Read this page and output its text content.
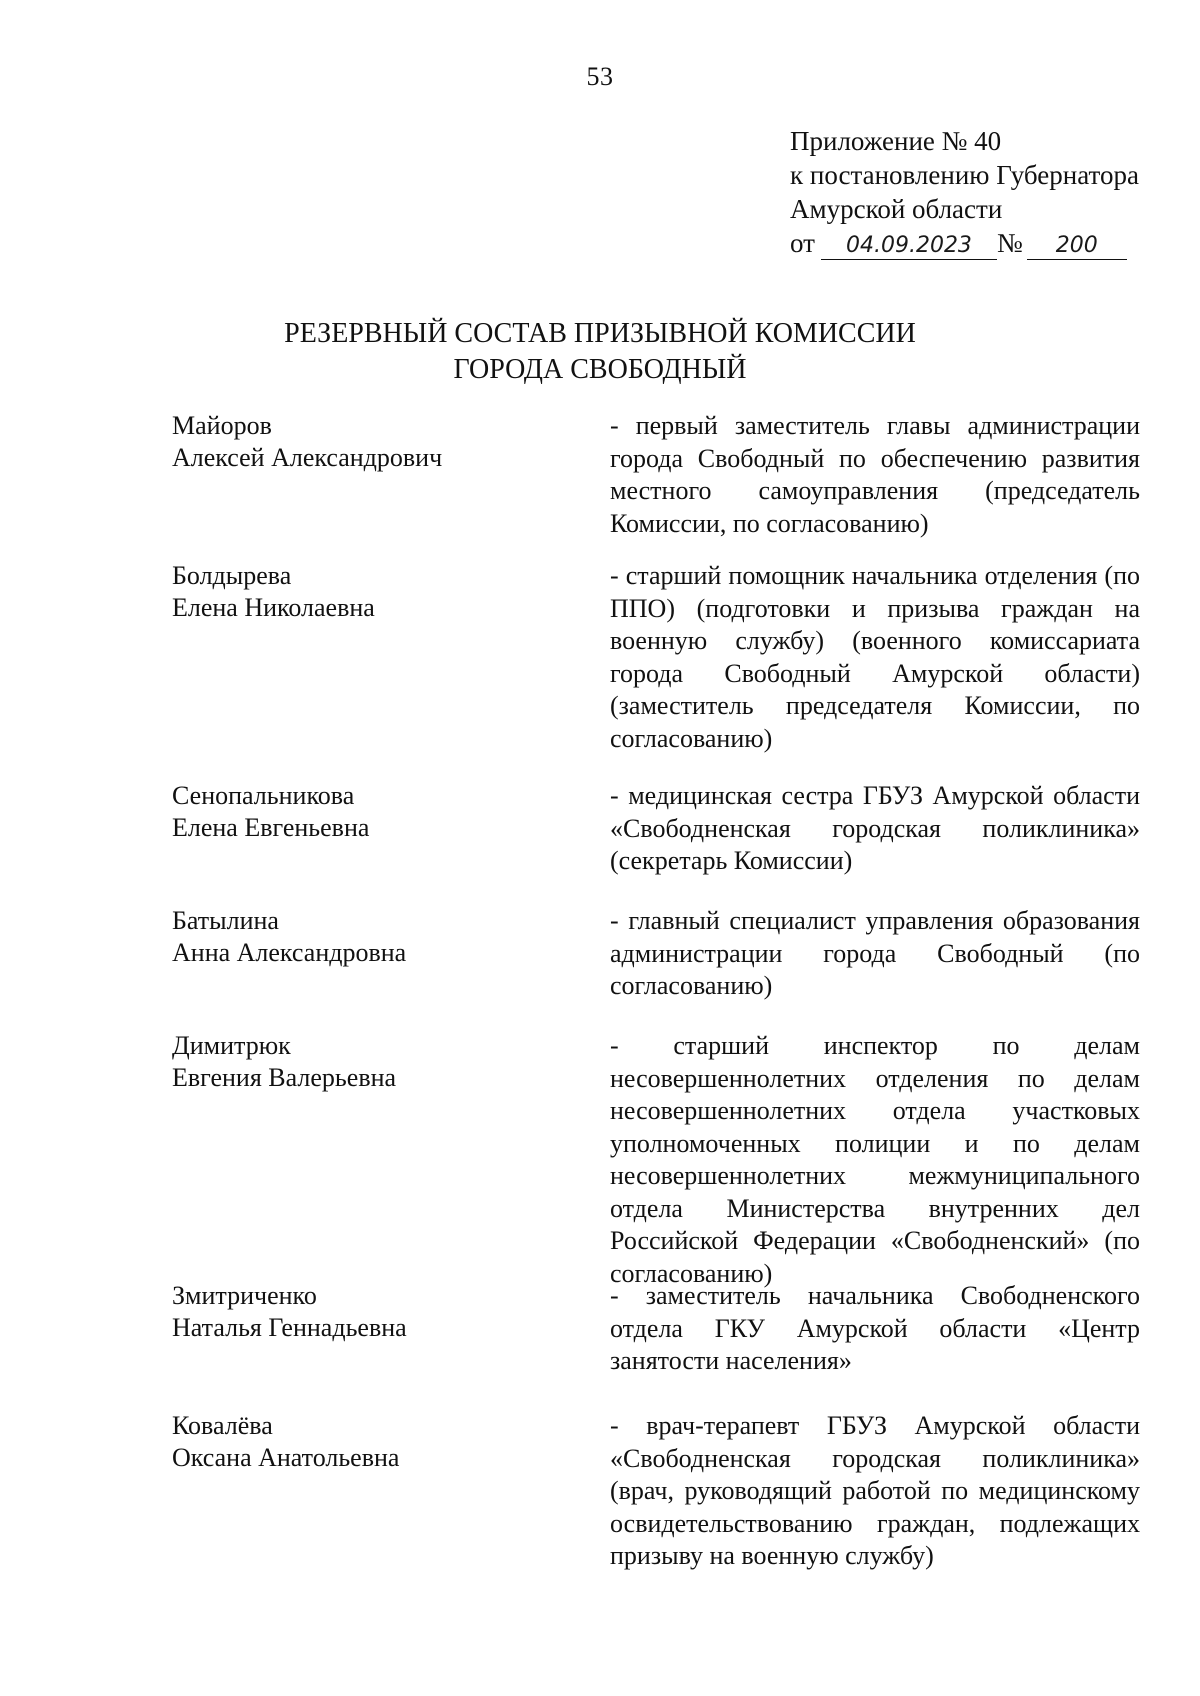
53
Приложение № 40
к постановлению Губернатора
Амурской области
от	04.09.2023 №	200
РЕЗЕРВНЫЙ СОСТАВ ПРИЗЫВНОЙ КОМИССИИ
ГОРОДА СВОБОДНЫЙ
Майоров
Алексей Александрович
- первый заместитель главы администрации города Свободный по обеспечению развития местного самоуправления (председатель Комиссии, по согласованию)
Болдырева
Елена Николаевна
- старший помощник начальника отделения (по ППО) (подготовки и призыва граждан на военную службу) (военного комиссариата города Свободный Амурской области) (заместитель председателя Комиссии, по согласованию)
Сенопальникова
Елена Евгеньевна
- медицинская сестра ГБУЗ Амурской области «Свободненская городская поликлиника» (секретарь Комиссии)
Батылина
Анна Александровна
- главный специалист управления образования администрации города Свободный (по согласованию)
Димитрюк
Евгения Валерьевна
- старший инспектор по делам несовершеннолетних отделения по делам несовершеннолетних отдела участковых уполномоченных полиции и по делам несовершеннолетних межмуниципального отдела Министерства внутренних дел Российской Федерации «Свободненский» (по согласованию)
Змитриченко
Наталья Геннадьевна
- заместитель начальника Свободненского отдела ГКУ Амурской области «Центр занятости населения»
Ковалёва
Оксана Анатольевна
- врач-терапевт ГБУЗ Амурской области «Свободненская городская поликлиника» (врач, руководящий работой по медицинскому освидетельствованию граждан, подлежащих призыву на военную службу)
